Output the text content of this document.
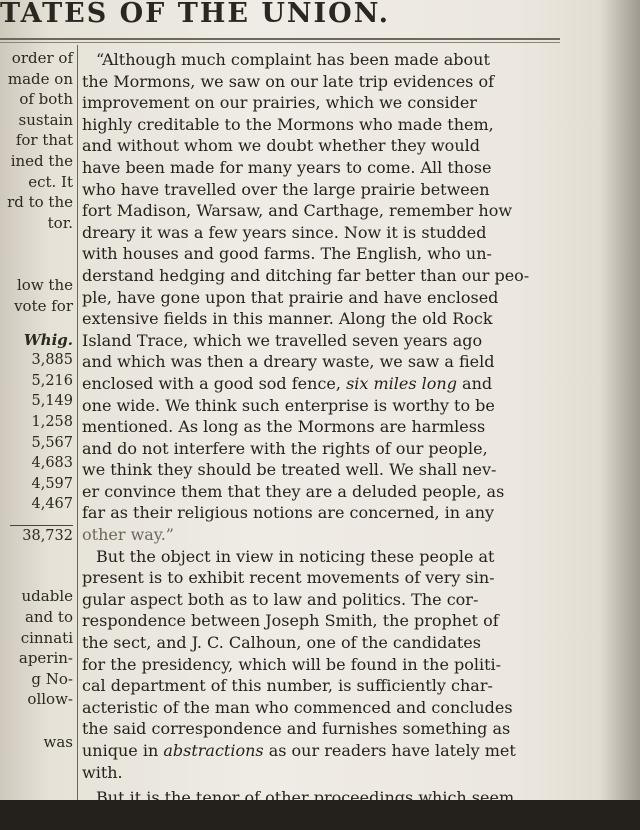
TATES OF THE UNION.
order of
made on
of both
sustain
for that
ined the
ect. It
rd to the
tor.
low the
vote for
Whig.
3,885
5,216
5,149
1,258
5,567
4,683
4,597
4,467
38,732
udable
and to
cinnati
aperin-
g No-
ollow-
was
“Although much complaint has been made about
the Mormons, we saw on our late trip evidences of
improvement on our prairies, which we consider
highly creditable to the Mormons who made them,
and without whom we doubt whether they would
have been made for many years to come. All those
who have travelled over the large prairie between
fort Madison, Warsaw, and Carthage, remember how
dreary it was a few years since. Now it is studded
with houses and good farms. The English, who un-
derstand hedging and ditching far better than our peo-
ple, have gone upon that prairie and have enclosed
extensive fields in this manner. Along the old Rock
Island Trace, which we travelled seven years ago
and which was then a dreary waste, we saw a field
enclosed with a good sod fence, six miles long and
one wide. We think such enterprise is worthy to be
mentioned. As long as the Mormons are harmless
and do not interfere with the rights of our people,
we think they should be treated well. We shall nev-
er convince them that they are a deluded people, as
far as their religious notions are concerned, in any
other way.”
But the object in view in noticing these people at
present is to exhibit recent movements of very sin-
gular aspect both as to law and politics. The cor-
respondence between Joseph Smith, the prophet of
the sect, and J. C. Calhoun, one of the candidates
for the presidency, which will be found in the politi-
cal department of this number, is sufficiently char-
acteristic of the man who commenced and concludes
the said correspondence and furnishes something as
unique in abstractions as our readers have lately met
with.
But it is the tenor of other proceedings which seem
more immediately to affect the peace, if not the sov-
